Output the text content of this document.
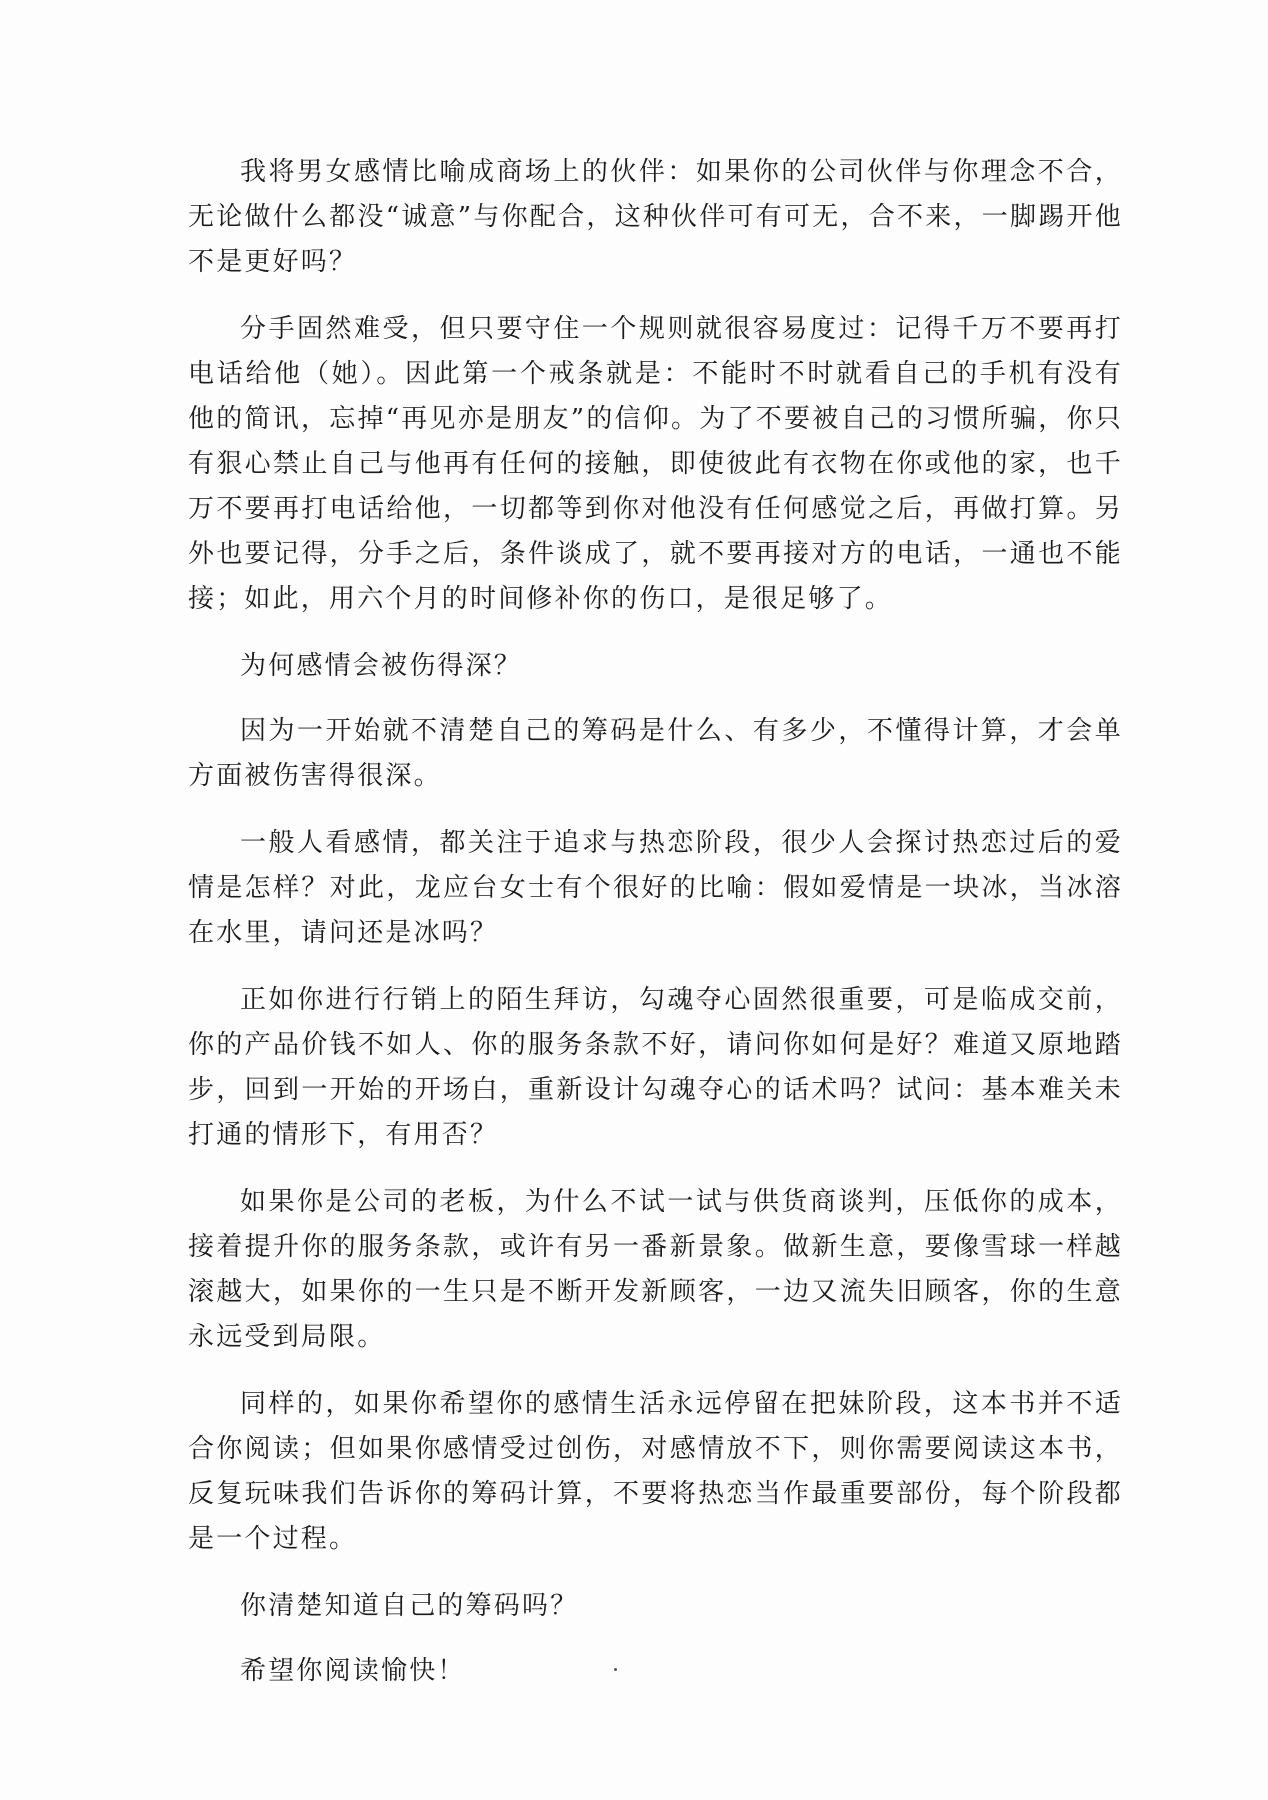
我将男女感情比喻成商场上的伙伴：如果你的公司伙伴与你理念不合，无论做什么都没“诚意”与你配合，这种伙伴可有可无，合不来，一脚踢开他不是更好吗？

分手固然难受，但只要守住一个规则就很容易度过：记得千万不要再打电话给他（她）。因此第一个戒条就是：不能时不时就看自己的手机有没有他的简讯，忘掉“再见亦是朋友”的信仰。为了不要被自己的习惯所骗，你只有狠心禁止自己与他再有任何的接触，即使彼此有衣物在你或他的家，也千万不要再打电话给他，一切都等到你对他没有任何感觉之后，再做打算。另外也要记得，分手之后，条件谈成了，就不要再接对方的电话，一通也不能接；如此，用六个月的时间修补你的伤口，是很足够了。

为何感情会被伤得深？

因为一开始就不清楚自己的筹码是什么、有多少，不懂得计算，才会单方面被伤害得很深。

一般人看感情，都关注于追求与热恋阶段，很少人会探讨热恋过后的爱情是怎样？对此，龙应台女士有个很好的比喻：假如爱情是一块冰，当冰溶在水里，请问还是冰吗？

正如你进行行销上的陌生拜访，勾魂夺心固然很重要，可是临成交前，你的产品价钱不如人、你的服务条款不好，请问你如何是好？难道又原地踏步，回到一开始的开场白，重新设计勾魂夺心的话术吗？试问：基本难关未打通的情形下，有用否？

如果你是公司的老板，为什么不试一试与供货商谈判，压低你的成本，接着提升你的服务条款，或许有另一番新景象。做新生意，要像雪球一样越滚越大，如果你的一生只是不断开发新顾客，一边又流失旧顾客，你的生意永远受到局限。

同样的，如果你希望你的感情生活永远停留在把妹阶段，这本书并不适合你阅读；但如果你感情受过创伤，对感情放不下，则你需要阅读这本书，反复玩味我们告诉你的筹码计算，不要将热恋当作最重要部份，每个阶段都是一个过程。

你清楚知道自己的筹码吗？

希望你阅读愉快！
